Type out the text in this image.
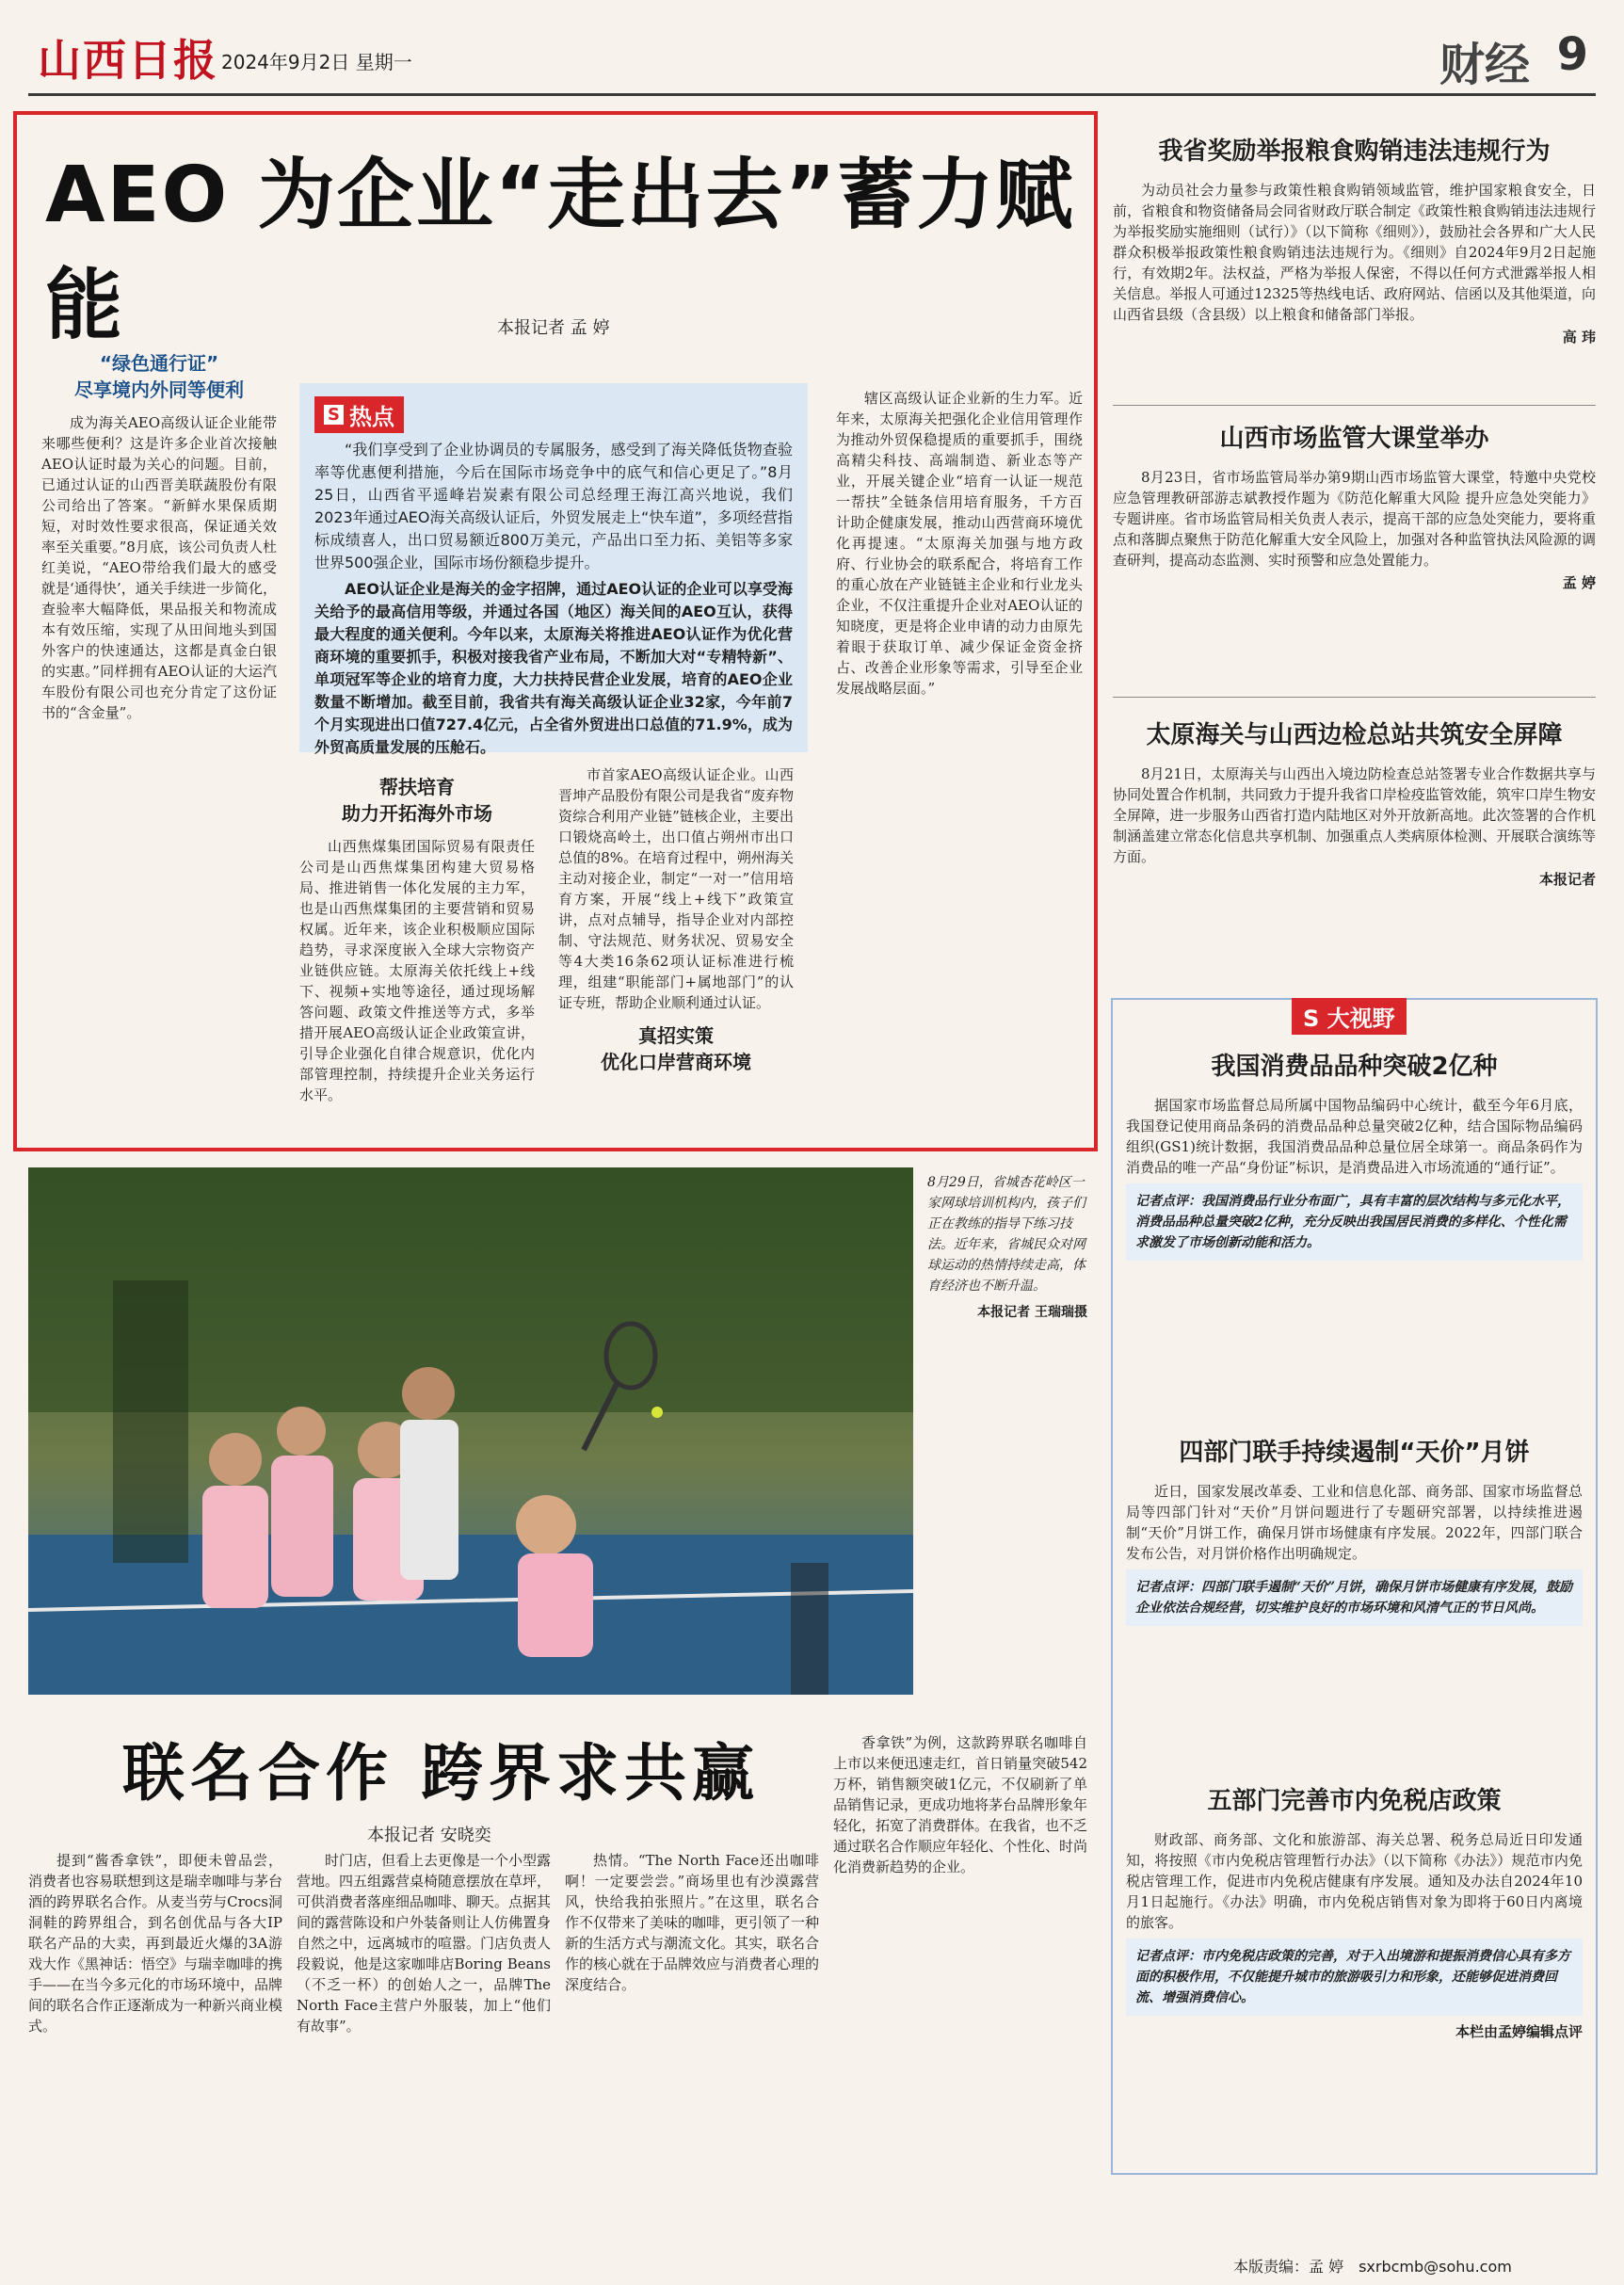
山西日报 2024年9月2日 星期一	财经 9
AEO 为企业“走出去”蓄力赋能	本报记者 孟 婷
“绿色通行证”
尽享境内外同等便利

成为海关AEO高级认证企业能带来哪些便利？这是许多企业首次接触AEO认证时最为关心的问题。目前，已通过认证的山西晋美联蔬股份有限公司给出了答案。“新鲜水果保质期短，对时效性要求很高，保证通关效率至关重要。”8月底，该公司负责人杜红美说，“AEO带给我们最大的感受就是‘通得快’，通关手续进一步简化，查验率大幅降低，果品报关和物流成本有效压缩，实现了从田间地头到国外客户的快速通达，这都是真金白银的实惠。”同样拥有AEO认证的大运汽车股份有限公司也充分肯定了这份证书的“含金量”。

S 热点

“我们享受到了企业协调员的专属服务，感受到了海关降低货物查验率等优惠便利措施，今后在国际市场竞争中的底气和信心更足了。”8月25日，山西省平遥峰岩炭素有限公司总经理王海江高兴地说，我们2023年通过AEO海关高级认证后，外贸发展走上“快车道”，多项经营指标成绩喜人，出口贸易额近800万美元，产品出口至力拓、美铝等多家世界500强企业，国际市场份额稳步提升。

AEO认证企业是海关的金字招牌，通过AEO认证的企业可以享受海关给予的最高信用等级，并通过各国（地区）海关间的AEO互认，获得最大程度的通关便利。今年以来，太原海关将推进AEO认证作为优化营商环境的重要抓手，积极对接我省产业布局，不断加大对“专精特新”、单项冠军等企业的培育力度，大力扶持民营企业发展，培育的AEO企业数量不断增加。截至目前，我省共有海关高级认证企业32家，今年前7个月实现进出口值727.4亿元，占全省外贸进出口总值的71.9%，成为外贸高质量发展的压舱石。

帮扶培育
助力开拓海外市场

山西焦煤集团国际贸易有限责任公司是山西焦煤集团构建大贸易格局、推进销售一体化发展的主力军，也是山西焦煤集团的主要营销和贸易权属。近年来，该企业积极顺应国际趋势，寻求深度嵌入全球大宗物资产业链供应链。太原海关依托线上+线下、视频+实地等途径，通过现场解答问题、政策文件推送等方式，多举措开展AEO高级认证企业政策宣讲，引导企业强化自律合规意识，优化内部管理控制，持续提升企业关务运行水平。

市首家AEO高级认证企业。山西晋坤产品股份有限公司是我省“废弃物资综合利用产业链”链核企业，主要出口锻烧高岭土，出口值占朔州市出口总值的8%。在培育过程中，朔州海关主动对接企业，制定“一对一”信用培育方案，开展“线上+线下”政策宣讲，点对点辅导，指导企业对内部控制、守法规范、财务状况、贸易安全等4大类16条62项认证标准进行梳理，组建“职能部门+属地部门”的认证专班，帮助企业顺利通过认证。

真招实策
优化口岸营商环境

辖区高级认证企业新的生力军。近年来，太原海关把强化企业信用管理作为推动外贸保稳提质的重要抓手，围绕高精尖科技、高端制造、新业态等产业，开展关键企业“培育一认证一规范一帮扶”全链条信用培育服务，千方百计助企健康发展，推动山西营商环境优化再提速。“太原海关加强与地方政府、行业协会的联系配合，将培育工作的重心放在产业链链主企业和行业龙头企业，不仅注重提升企业对AEO认证的知晓度，更是将企业申请的动力由原先着眼于获取订单、减少保证金资金挤占、改善企业形象等需求，引导至企业发展战略层面。”

我省奖励举报粮食购销违法违规行为

为动员社会力量参与政策性粮食购销领域监管，维护国家粮食安全，日前，省粮食和物资储备局会同省财政厅联合制定《政策性粮食购销违法违规行为举报奖励实施细则（试行）》（以下简称《细则》），鼓励社会各界和广大人民群众积极举报政策性粮食购销违法违规行为。《细则》自2024年9月2日起施行，有效期2年。法权益，严格为举报人保密，不得以任何方式泄露举报人相关信息。举报人可通过12325等热线电话、政府网站、信函以及其他渠道，向山西省县级（含县级）以上粮食和储备部门举报。

高 玮
山西市场监管大课堂举办

8月23日，省市场监管局举办第9期山西市场监管大课堂，特邀中央党校应急管理教研部游志斌教授作题为《防范化解重大风险 提升应急处突能力》专题讲座。省市场监管局相关负责人表示，提高干部的应急处突能力，要将重点和落脚点聚焦于防范化解重大安全风险上，加强对各种监管执法风险源的调查研判，提高动态监测、实时预警和应急处置能力。

孟 婷
太原海关与山西边检总站共筑安全屏障

8月21日，太原海关与山西出入境边防检查总站签署专业合作数据共享与协同处置合作机制，共同致力于提升我省口岸检疫监管效能，筑牢口岸生物安全屏障，进一步服务山西省打造内陆地区对外开放新高地。此次签署的合作机制涵盖建立常态化信息共享机制、加强重点人类病原体检测、开展联合演练等方面。

本报记者
S 大视野
我国消费品品种突破2亿种

据国家市场监督总局所属中国物品编码中心统计，截至今年6月底，我国登记使用商品条码的消费品品种总量突破2亿种，结合国际物品编码组织(GS1)统计数据，我国消费品品种总量位居全球第一。商品条码作为消费品的唯一产品“身份证”标识，是消费品进入市场流通的“通行证”。

记者点评：我国消费品行业分布面广，具有丰富的层次结构与多元化水平，消费品品种总量突破2亿种，充分反映出我国居民消费的多样化、个性化需求激发了市场创新动能和活力。
四部门联手持续遏制“天价”月饼

近日，国家发展改革委、工业和信息化部、商务部、国家市场监督总局等四部门针对“天价”月饼问题进行了专题研究部署，以持续推进遏制“天价”月饼工作，确保月饼市场健康有序发展。2022年，四部门联合发布公告，对月饼价格作出明确规定。

记者点评：四部门联手遏制“天价”月饼，确保月饼市场健康有序发展，鼓励企业依法合规经营，切实维护良好的市场环境和风清气正的节日风尚。
五部门完善市内免税店政策

财政部、商务部、文化和旅游部、海关总署、税务总局近日印发通知，将按照《市内免税店管理暂行办法》（以下简称《办法》）规范市内免税店管理工作，促进市内免税店健康有序发展。通知及办法自2024年10月1日起施行。《办法》明确，市内免税店销售对象为即将于60日内离境的旅客。

记者点评：市内免税店政策的完善，对于入出境游和提振消费信心具有多方面的积极作用，不仅能提升城市的旅游吸引力和形象，还能够促进消费回流、增强消费信心。
本栏由孟婷编辑点评
8月29日，省城杏花岭区一家网球培训机构内，孩子们正在教练的指导下练习技法。近年来，省城民众对网球运动的热情持续走高，体育经济也不断升温。
本报记者 王瑞瑞摄
联名合作 跨界求共赢
本报记者 安晓奕

提到“酱香拿铁”，即便未曾品尝，消费者也容易联想到这是瑞幸咖啡与茅台酒的跨界联名合作。从麦当劳与Crocs洞洞鞋的跨界组合，到名创优品与各大IP联名产品的大卖，再到最近火爆的3A游戏大作《黑神话：悟空》与瑞幸咖啡的携手——在当今多元化的市场环境中，品牌间的联名合作正逐渐成为一种新兴商业模式。

时门店，但看上去更像是一个小型露营地。四五组露营桌椅随意摆放在草坪，可供消费者落座细品咖啡、聊天。点据其间的露营陈设和户外装备则让人仿佛置身自然之中，远离城市的喧嚣。门店负责人段毅说，他是这家咖啡店Boring Beans（不乏一杯）的创始人之一，品牌The North Face主营户外服装，加上“他们有故事”。

热情。“The North Face还出咖啡啊！一定要尝尝。”商场里也有沙漠露营风，快给我拍张照片。”在这里，联名合作不仅带来了美味的咖啡，更引领了一种新的生活方式与潮流文化。其实，联名合作的核心就在于品牌效应与消费者心理的深度结合。

香拿铁”为例，这款跨界联名咖啡自上市以来便迅速走红，首日销量突破542万杯，销售额突破1亿元，不仅刷新了单品销售记录，更成功地将茅台品牌形象年轻化，拓宽了消费群体。在我省，也不乏通过联名合作顺应年轻化、个性化、时尚化消费新趋势的企业。

本版责编：孟 婷　sxrbcmb@sohu.com
